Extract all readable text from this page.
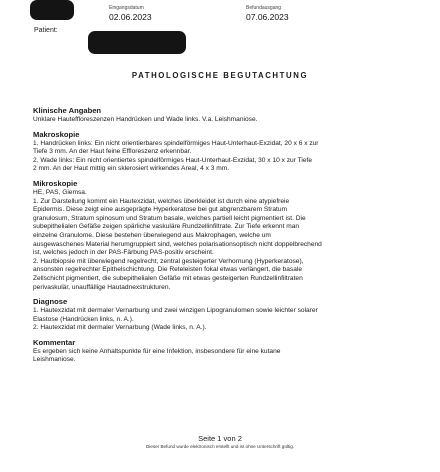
Eingangsdatum
02.06.2023
Befundausgang
07.06.2023
Patient:
PATHOLOGISCHE BEGUTACHTUNG

Klinische Angaben

Unklare Hauteffloreszenzen Handrücken und Wade links. V.a. Leishmaniose.

Makroskopie

1. Handrücken links: Ein nicht orientierbares spindelförmiges Haut-Unterhaut-Exzidat, 20 x 6 x zur
Tiefe 3 mm. An der Haut feine Effloreszenz erkennbar.
2. Wade links: Ein nicht orientiertes spindelförmiges Haut-Unterhaut-Exzidat, 30 x 10 x zur Tiefe
2 mm. An der Haut mittig ein sklerosiert wirkendes Areal, 4 x 3 mm.

Mikroskopie

HE, PAS, Giemsa.
1. Zur Darstellung kommt ein Hautexzidat, welches überkleidet ist durch eine atypiefreie
Epidermis. Diese zeigt eine ausgeprägte Hyperkeratose bei gut abgrenzbarem Stratum
granulosum, Stratum spinosum und Stratum basale, welches partiell leicht pigmentiert ist. Die
subepithelialen Gefäße zeigen spärliche vaskuläre Rundzellinfiltrate. Zur Tiefe erkennt man
einzelne Granulome. Diese bestehen überwiegend aus Makrophagen, welche um
ausgewaschenes Material herumgruppiert sind, welches polarisationsoptisch nicht doppelbrechend
ist, welches jedoch in der PAS-Färbung PAS-positiv erscheint.
2. Hautbiopsie mit überwiegend regelrecht, zentral gesteigerter Verhornung (Hyperkeratose),
ansonsten regelrechter Epithelschichtung. Die Reteleisten fokal etwas verlängert, die basale
Zellschicht pigmentiert, die subepithelialen Gefäße mit etwas gesteigerten Rundzellinfiltraten
perivaskulär, unauffällige Hautadnexstrukturen.

Diagnose

1. Hautexzidat mit dermaler Vernarbung und zwei winzigen Lipogranulomen sowie leichter solarer
Elastose (Handrücken links, n. A.).
2. Hautexzidat mit dermaler Vernarbung (Wade links, n. A.).

Kommentar

Es ergeben sich keine Anhaltspunkte für eine Infektion, insbesondere für eine kutane
Leishmaniose.

Seite 1 von 2
Dieser Befund wurde elektronisch erstellt und ist ohne Unterschrift gültig.
